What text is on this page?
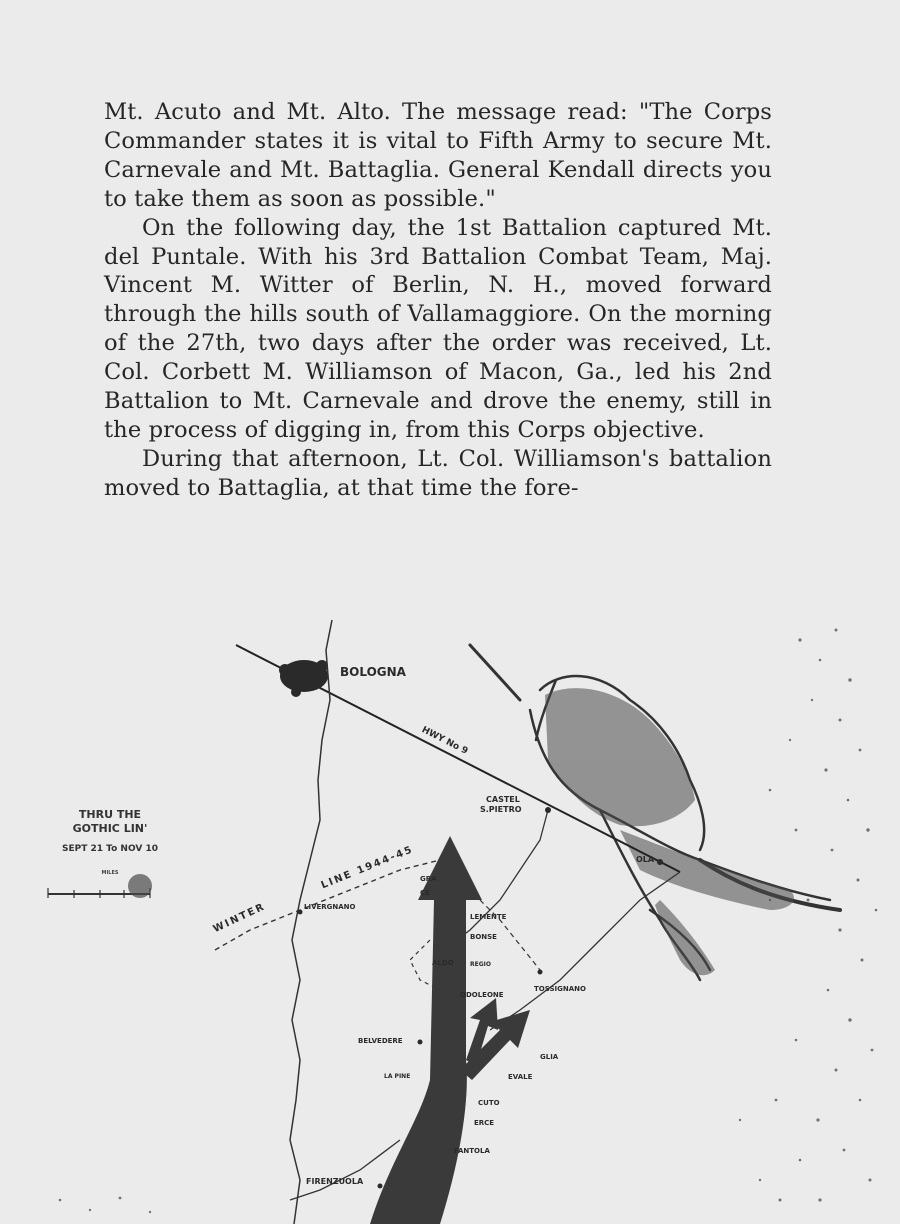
Mt. Acuto and Mt. Alto. The message read: "The Corps Commander states it is vital to Fifth Army to secure Mt. Carnevale and Mt. Battaglia. General Kendall directs you to take them as soon as possible."

On the following day, the 1st Battalion captured Mt. del Puntale. With his 3rd Battalion Combat Team, Maj. Vincent M. Witter of Berlin, N. H., moved forward through the hills south of Vallamaggiore. On the morning of the 27th, two days after the order was received, Lt. Col. Corbett M. Williamson of Macon, Ga., led his 2nd Battalion to Mt. Carnevale and drove the enemy, still in the process of digging in, from this Corps objective.

During that afternoon, Lt. Col. Williamson's battalion moved to Battaglia, at that time the fore-

BOLOGNA
HWY No 9
CASTEL
S.PIETRO
OLA
WINTER
LINE 1944-45
LIVERGNANO
GRA
CE
LEMENTE
BONSE
ALDO	REGIO
ODOLEONE
TOSSIGNANO
BELVEDERE
LA PINE
GLIA
EVALE
CUTO
ERCE
FANTOLA
FIRENZUOLA
THRU THE
GOTHIC LIN'
SEPT 21 To NOV 10
MILES
